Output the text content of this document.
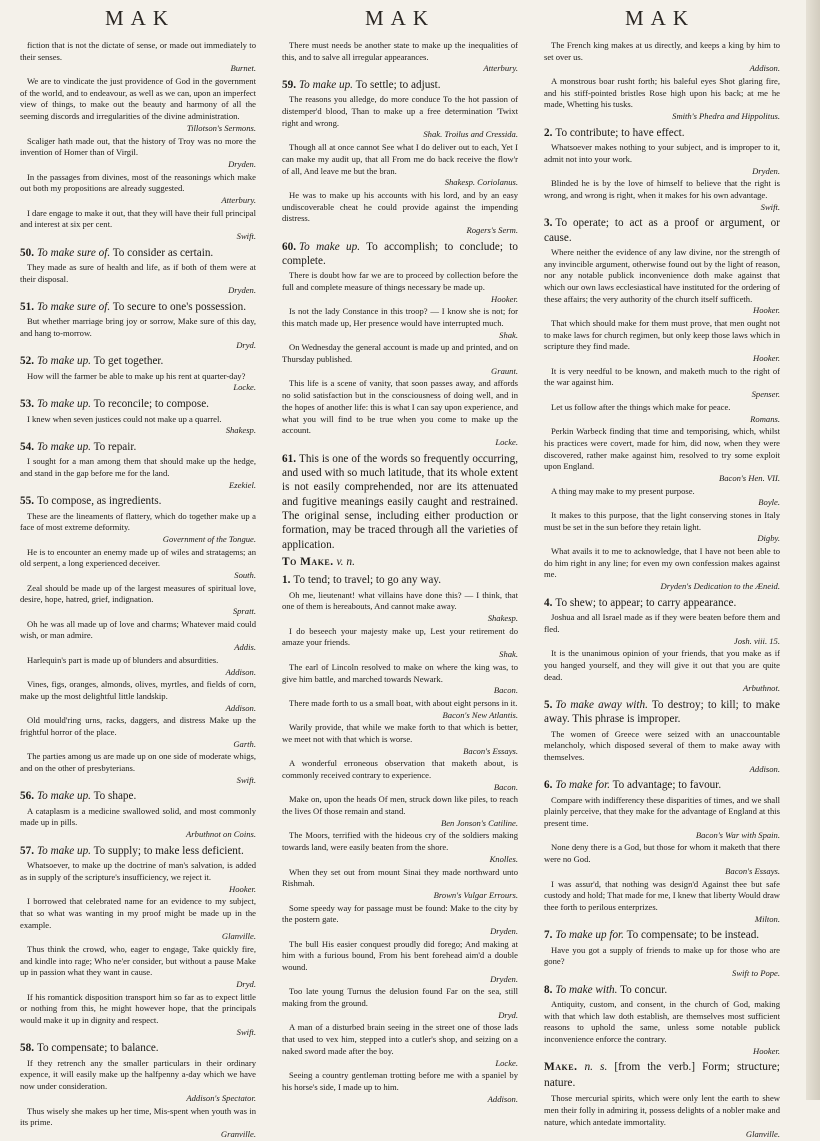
MAK	MAK	MAK

fiction that is not the dictate of sense, or made out immediately to their senses.

Burnet.

We are to vindicate the just providence of God in the government of the world, and to endeavour, as well as we can, upon an imperfect view of things, to make out the beauty and harmony of all the seeming discords and irregularities of the divine administration.

Tillotson's Sermons.

Scaliger hath made out, that the history of Troy was no more the invention of Homer than of Virgil.

Dryden.

In the passages from divines, most of the reasonings which make out both my propositions are already suggested.

Atterbury.

I dare engage to make it out, that they will have their full principal and interest at six per cent.

Swift.

50. To make sure of. To consider as certain.

They made as sure of health and life, as if both of them were at their disposal.

Dryden.

51. To make sure of. To secure to one's possession.

But whether marriage bring joy or sorrow, Make sure of this day, and hang to-morrow.

Dryd.

52. To make up. To get together.

How will the farmer be able to make up his rent at quarter-day?

Locke.

53. To make up. To reconcile; to compose.

I knew when seven justices could not make up a quarrel.

Shakesp.

54. To make up. To repair.

I sought for a man among them that should make up the hedge, and stand in the gap before me for the land.

Ezekiel.

55. To compose, as ingredients.

These are the lineaments of flattery, which do together make up a face of most extreme deformity.

Government of the Tongue.

He is to encounter an enemy made up of wiles and stratagems; an old serpent, a long experienced deceiver.

South.

Zeal should be made up of the largest measures of spiritual love, desire, hope, hatred, grief, indignation.

Spratt.

Oh he was all made up of love and charms; Whatever maid could wish, or man admire.

Addis.

Harlequin's part is made up of blunders and absurdities.

Addison.

Vines, figs, oranges, almonds, olives, myrtles, and fields of corn, make up the most delightful little landskip.

Addison.

Old mould'ring urns, racks, daggers, and distress Make up the frightful horror of the place.

Garth.

The parties among us are made up on one side of moderate whigs, and on the other of presbyterians.

Swift.

56. To make up. To shape.

A cataplasm is a medicine swallowed solid, and most commonly made up in pills.

Arbuthnot on Coins.

57. To make up. To supply; to make less deficient.

Whatsoever, to make up the doctrine of man's salvation, is added as in supply of the scripture's insufficiency, we reject it.

Hooker.

I borrowed that celebrated name for an evidence to my subject, that so what was wanting in my proof might be made up in the example.

Glanville.

Thus think the crowd, who, eager to engage, Take quickly fire, and kindle into rage; Who ne'er consider, but without a pause Make up in passion what they want in cause.

Dryd.

If his romantick disposition transport him so far as to expect little or nothing from this, he might however hope, that the principals would make it up in dignity and respect.

Swift.

58. To compensate; to balance.

If they retrench any the smaller particulars in their ordinary expence, it will easily make up the halfpenny a-day which we have now under consideration.

Addison's Spectator.

Thus wisely she makes up her time, Mis-spent when youth was in its prime.

Granville.

There must needs be another state to make up the inequalities of this, and to salve all irregular appearances.

Atterbury.

59. To make up. To settle; to adjust.

The reasons you alledge, do more conduce To the hot passion of distemper'd blood, Than to make up a free determination 'Twixt right and wrong.

Shak. Troilus and Cressida.

Though all at once cannot See what I do deliver out to each, Yet I can make my audit up, that all From me do back receive the flow'r of all, And leave me but the bran.

Shakesp. Coriolanus.

He was to make up his accounts with his lord, and by an easy undiscoverable cheat he could provide against the impending distress.

Rogers's Serm.

60. To make up. To accomplish; to conclude; to complete.

There is doubt how far we are to proceed by collection before the full and complete measure of things necessary be made up.

Hooker.

Is not the lady Constance in this troop? — I know she is not; for this match made up, Her presence would have interrupted much.

Shak.

On Wednesday the general account is made up and printed, and on Thursday published.

Graunt.

This life is a scene of vanity, that soon passes away, and affords no solid satisfaction but in the consciousness of doing well, and in the hopes of another life: this is what I can say upon experience, and what you will find to be true when you come to make up the account.

Locke.

61. This is one of the words so frequently occurring, and used with so much latitude, that its whole extent is not easily comprehended, nor are its attenuated and fugitive meanings easily caught and restrained. The original sense, including either production or formation, may be traced through all the varieties of application.

To Make. v. n.

1. To tend; to travel; to go any way.

Oh me, lieutenant! what villains have done this? — I think, that one of them is hereabouts, And cannot make away.

Shakesp.

I do beseech your majesty make up, Lest your retirement do amaze your friends.

Shak.

The earl of Lincoln resolved to make on where the king was, to give him battle, and marched towards Newark.

Bacon.

There made forth to us a small boat, with about eight persons in it.

Bacon's New Atlantis.

Warily provide, that while we make forth to that which is better, we meet not with that which is worse.

Bacon's Essays.

A wonderful erroneous observation that maketh about, is commonly received contrary to experience.

Bacon.

Make on, upon the heads Of men, struck down like piles, to reach the lives Of those remain and stand.

Ben Jonson's Catiline.

The Moors, terrified with the hideous cry of the soldiers making towards land, were easily beaten from the shore.

Knolles.

When they set out from mount Sinai they made northward unto Rishmah.

Brown's Vulgar Errours.

Some speedy way for passage must be found: Make to the city by the postern gate.

Dryden.

The bull His easier conquest proudly did forego; And making at him with a furious bound, From his bent forehead aim'd a double wound.

Dryden.

Too late young Turnus the delusion found Far on the sea, still making from the ground.

Dryd.

A man of a disturbed brain seeing in the street one of those lads that used to vex him, stepped into a cutler's shop, and seizing on a naked sword made after the boy.

Locke.

Seeing a country gentleman trotting before me with a spaniel by his horse's side, I made up to him.

Addison.

The French king makes at us directly, and keeps a king by him to set over us.

Addison.

A monstrous boar rusht forth; his baleful eyes Shot glaring fire, and his stiff-pointed bristles Rose high upon his back; at me he made, Whetting his tusks.

Smith's Phedra and Hippolitus.

2. To contribute; to have effect.

Whatsoever makes nothing to your subject, and is improper to it, admit not into your work.

Dryden.

Blinded he is by the love of himself to believe that the right is wrong, and wrong is right, when it makes for his own advantage.

Swift.

3. To operate; to act as a proof or argument, or cause.

Where neither the evidence of any law divine, nor the strength of any invincible argument, otherwise found out by the light of reason, nor any notable publick inconvenience doth make against that which our own laws ecclesiastical have instituted for the ordering of these affairs; the very authority of the church itself sufficeth.

Hooker.

That which should make for them must prove, that men ought not to make laws for church regimen, but only keep those laws which in scripture they find made.

Hooker.

It is very needful to be known, and maketh much to the right of the war against him.

Spenser.

Let us follow after the things which make for peace.

Romans.

Perkin Warbeck finding that time and temporising, which, whilst his practices were covert, made for him, did now, when they were discovered, rather make against him, resolved to try some exploit upon England.

Bacon's Hen. VII.

A thing may make to my present purpose.

Boyle.

It makes to this purpose, that the light conserving stones in Italy must be set in the sun before they retain light.

Digby.

What avails it to me to acknowledge, that I have not been able to do him right in any line; for even my own confession makes against me.

Dryden's Dedication to the Æneid.

4. To shew; to appear; to carry appearance.

Joshua and all Israel made as if they were beaten before them and fled.

Josh. viii. 15.

It is the unanimous opinion of your friends, that you make as if you hanged yourself, and they will give it out that you are quite dead.

Arbuthnot.

5. To make away with. To destroy; to kill; to make away. This phrase is improper.

The women of Greece were seized with an unaccountable melancholy, which disposed several of them to make away with themselves.

Addison.

6. To make for. To advantage; to favour.

Compare with indifferency these disparities of times, and we shall plainly perceive, that they make for the advantage of England at this present time.

Bacon's War with Spain.

None deny there is a God, but those for whom it maketh that there were no God.

Bacon's Essays.

I was assur'd, that nothing was design'd Against thee but safe custody and hold; That made for me, I knew that liberty Would draw thee forth to perilous enterprizes.

Milton.

7. To make up for. To compensate; to be instead.

Have you got a supply of friends to make up for those who are gone?

Swift to Pope.

8. To make with. To concur.

Antiquity, custom, and consent, in the church of God, making with that which law doth establish, are themselves most sufficient reasons to uphold the same, unless some notable publick inconvenience enforce the contrary.

Hooker.

Make. n. s. [from the verb.] Form; structure; nature.

Those mercurial spirits, which were only lent the earth to shew men their folly in admiring it, possess delights of a nobler make and nature, which antedate immortality.

Glanville.
